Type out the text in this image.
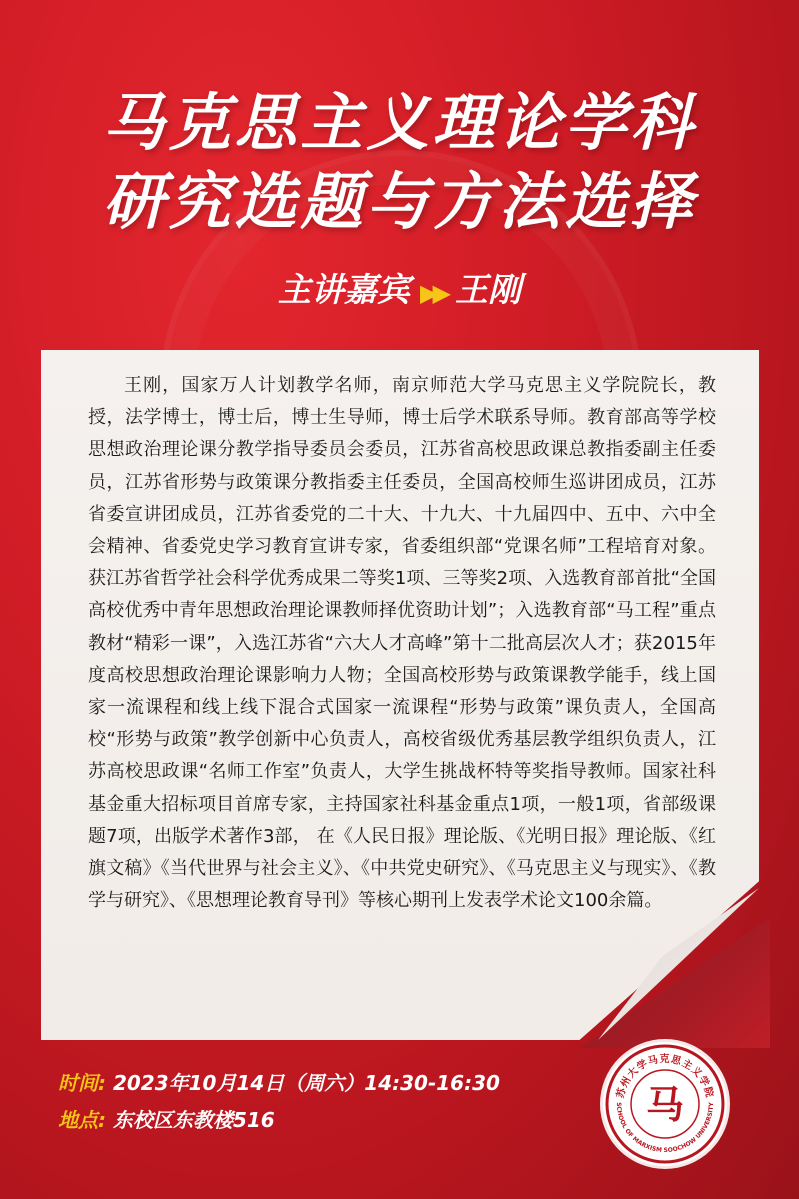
马克思主义理论学科
研究选题与方法选择
主讲嘉宾 ▶▶ 王刚

王刚，国家万人计划教学名师，南京师范大学马克思主义学院院长，教授，法学博士，博士后，博士生导师，博士后学术联系导师。教育部高等学校思想政治理论课分教学指导委员会委员，江苏省高校思政课总教指委副主任委员，江苏省形势与政策课分教指委主任委员，全国高校师生巡讲团成员，江苏省委宣讲团成员，江苏省委党的二十大、十九大、十九届四中、五中、六中全会精神、省委党史学习教育宣讲专家，省委组织部“党课名师”工程培育对象。获江苏省哲学社会科学优秀成果二等奖1项、三等奖2项、入选教育部首批“全国高校优秀中青年思想政治理论课教师择优资助计划”；入选教育部“马工程”重点教材“精彩一课”，入选江苏省“六大人才高峰”第十二批高层次人才；获2015年度高校思想政治理论课影响力人物；全国高校形势与政策课教学能手，线上国家一流课程和线上线下混合式国家一流课程“形势与政策”课负责人，全国高校“形势与政策”教学创新中心负责人，高校省级优秀基层教学组织负责人，江苏高校思政课“名师工作室”负责人，大学生挑战杯特等奖指导教师。国家社科基金重大招标项目首席专家，主持国家社科基金重点1项，一般1项，省部级课题7项，出版学术著作3部， 在《人民日报》理论版、《光明日报》理论版、《红旗文稿》《当代世界与社会主义》、《中共党史研究》、《马克思主义与现实》、《教学与研究》、《思想理论教育导刊》等核心期刊上发表学术论文100余篇。

时间: 2023年10月14日（周六）14:30-16:30
地点: 东校区东教楼516
苏州大学马克思主义学院
SCHOOL OF MARXISM SOOCHOW UNIVERSITY
马
